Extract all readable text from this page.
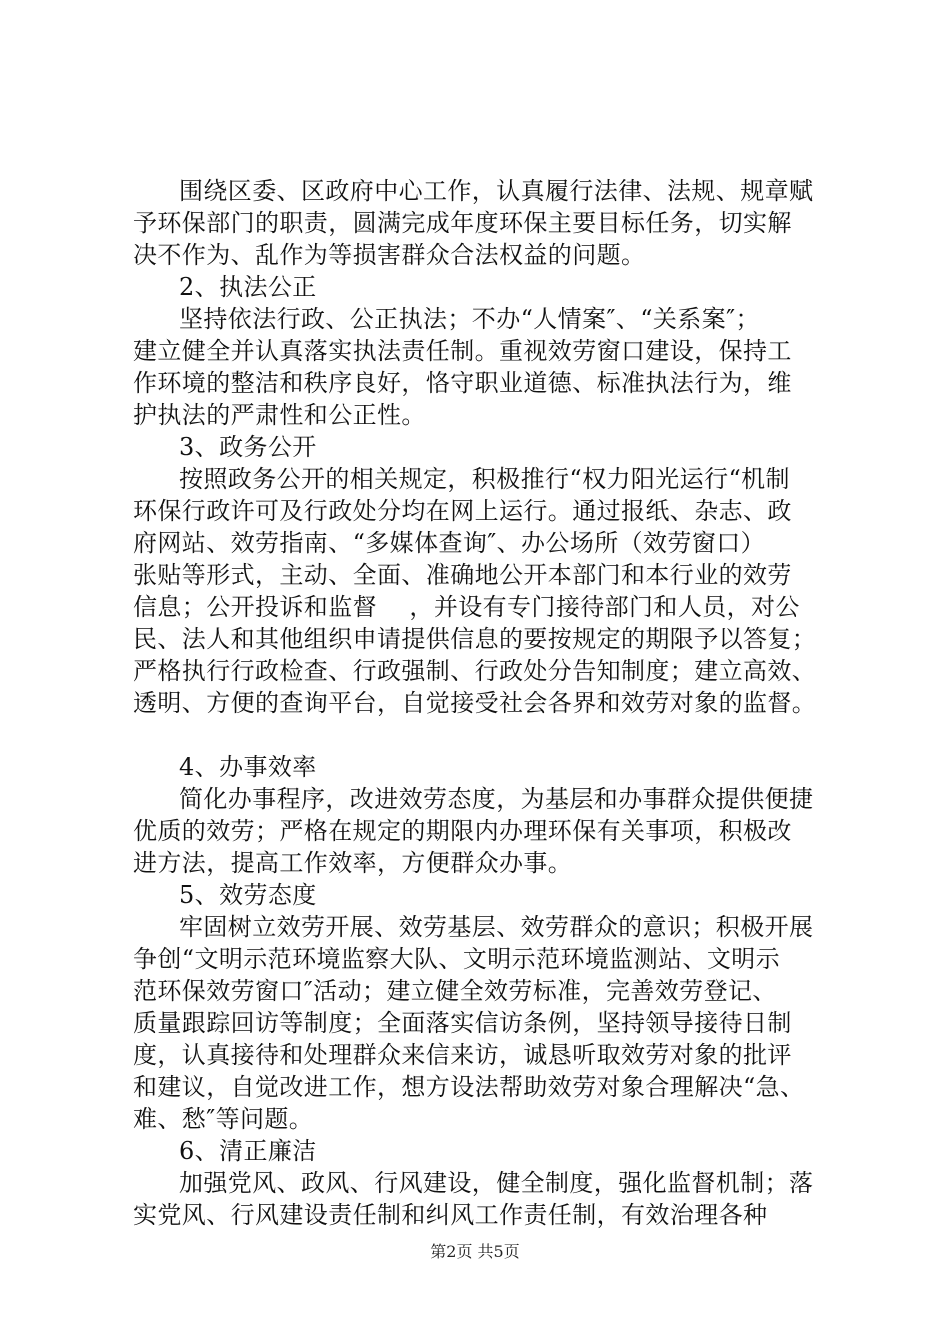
围绕区委、区政府中心工作，认真履行法律、法规、规章赋
予环保部门的职责，圆满完成年度环保主要目标任务，切实解
决不作为、乱作为等损害群众合法权益的问题。
2、执法公正
坚持依法行政、公正执法；不办“人情案″、“关系案″；
建立健全并认真落实执法责任制。重视效劳窗口建设，保持工
作环境的整洁和秩序良好，恪守职业道德、标准执法行为，维
护执法的严肃性和公正性。
3、政务公开
按照政务公开的相关规定，积极推行“权力阳光运行“机制
环保行政许可及行政处分均在网上运行。通过报纸、杂志、政
府网站、效劳指南、“多媒体查询″、办公场所（效劳窗口）
张贴等形式，主动、全面、准确地公开本部门和本行业的效劳
信息；公开投诉和监督　 ，并设有专门接待部门和人员，对公
民、法人和其他组织申请提供信息的要按规定的期限予以答复；
严格执行行政检查、行政强制、行政处分告知制度；建立高效、
透明、方便的查询平台，自觉接受社会各界和效劳对象的监督。
4、办事效率
简化办事程序，改进效劳态度，为基层和办事群众提供便捷
优质的效劳；严格在规定的期限内办理环保有关事项，积极改
进方法，提高工作效率，方便群众办事。
5、效劳态度
牢固树立效劳开展、效劳基层、效劳群众的意识；积极开展
争创“文明示范环境监察大队、文明示范环境监测站、文明示
范环保效劳窗口″活动；建立健全效劳标准，完善效劳登记、
质量跟踪回访等制度；全面落实信访条例，坚持领导接待日制
度，认真接待和处理群众来信来访，诚恳听取效劳对象的批评
和建议，自觉改进工作，想方设法帮助效劳对象合理解决“急、
难、愁″等问题。
6、清正廉洁
加强党风、政风、行风建设，健全制度，强化监督机制；落
实党风、行风建设责任制和纠风工作责任制，有效治理各种
第2页 共5页
